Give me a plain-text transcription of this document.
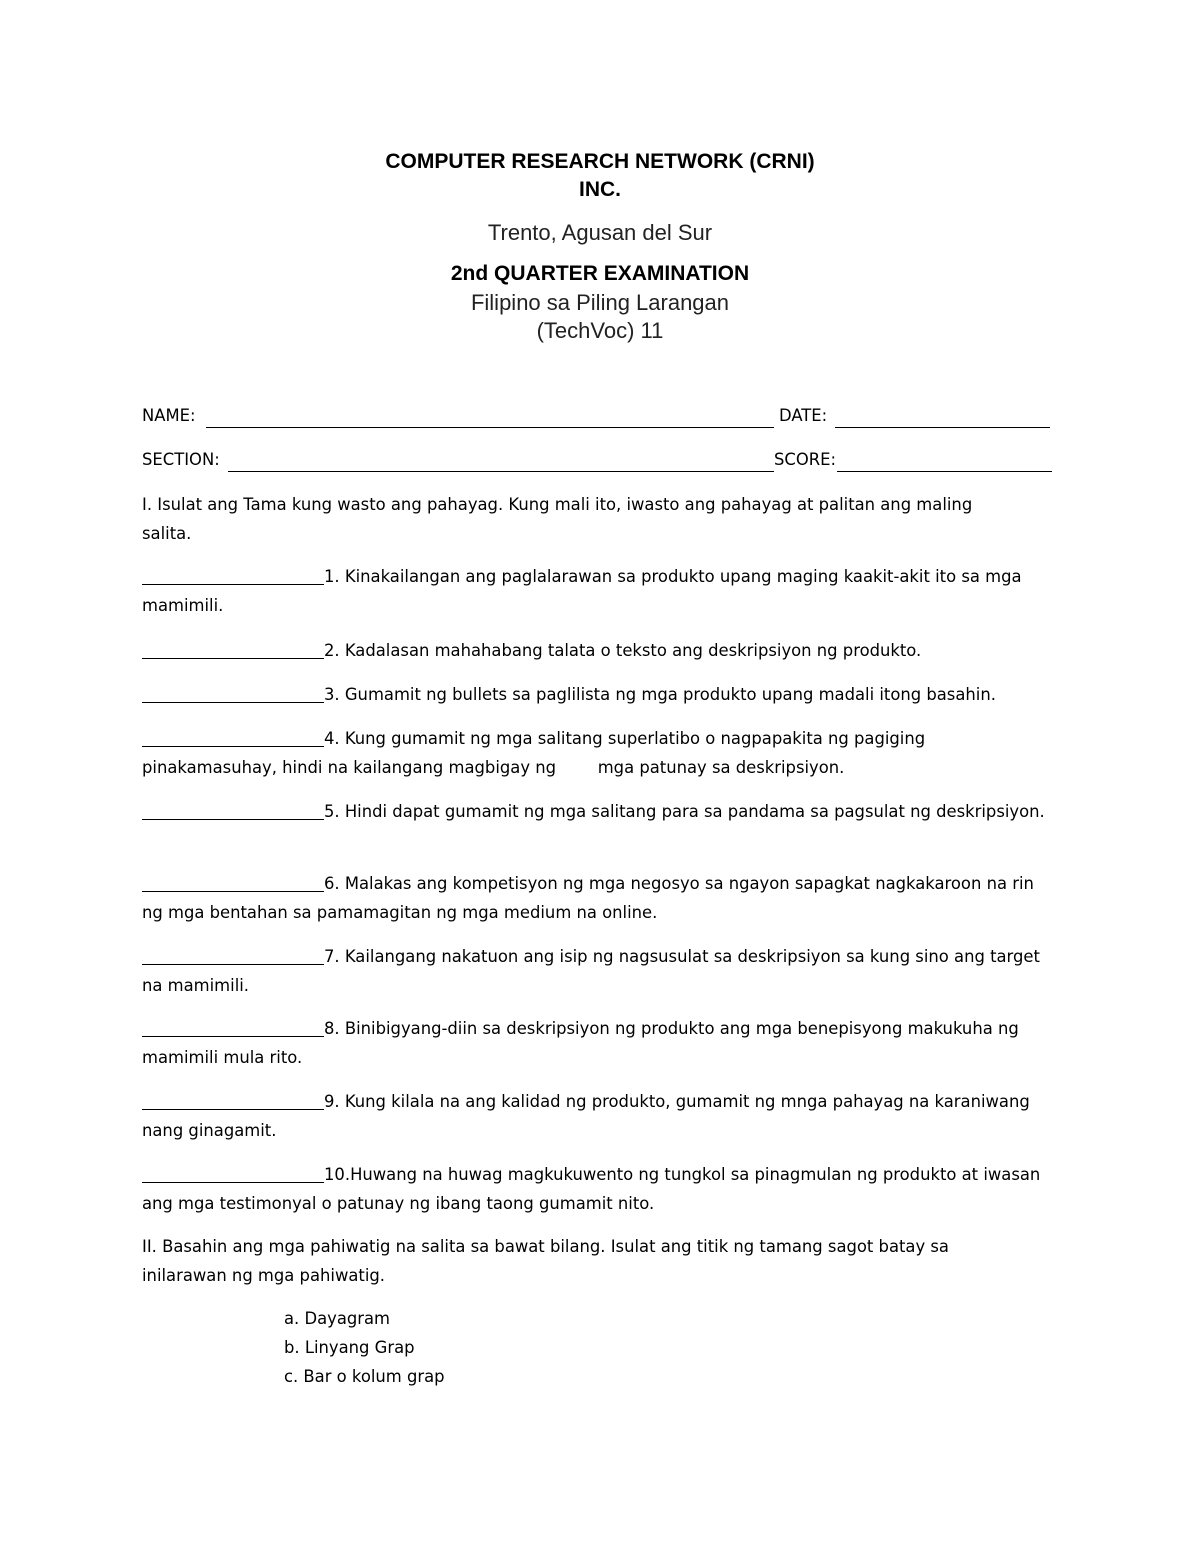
COMPUTER RESEARCH NETWORK (CRNI)
INC.
Trento, Agusan del Sur
2nd QUARTER EXAMINATION
Filipino sa Piling Larangan
(TechVoc) 11
NAME:	DATE:
SECTION:	SCORE:
I. Isulat ang Tama kung wasto ang pahayag. Kung mali ito, iwasto ang pahayag at palitan ang maling salita.
1. Kinakailangan ang paglalarawan sa produkto upang maging kaakit-akit ito sa mga mamimili.
2. Kadalasan mahahabang talata o teksto ang deskripsiyon ng produkto.
3. Gumamit ng bullets sa paglilista ng mga produkto upang madali itong basahin.
4. Kung gumamit ng mga salitang superlatibo o nagpapakita ng pagiging pinakamasuhay, hindi na kailangang magbigay ng        mga patunay sa deskripsiyon.
5. Hindi dapat gumamit ng mga salitang para sa pandama sa pagsulat ng deskripsiyon.
6. Malakas ang kompetisyon ng mga negosyo sa ngayon sapagkat nagkakaroon na rin ng mga bentahan sa pamamagitan ng mga medium na online.
7. Kailangang nakatuon ang isip ng nagsusulat sa deskripsiyon sa kung sino ang target na mamimili.
8. Binibigyang-diin sa deskripsiyon ng produkto ang mga benepisyong makukuha ng mamimili mula rito.
9. Kung kilala na ang kalidad ng produkto, gumamit ng mnga pahayag na karaniwang nang ginagamit.
10.Huwang na huwag magkukuwento ng tungkol sa pinagmulan ng produkto at iwasan ang mga testimonyal o patunay ng ibang taong gumamit nito.
II. Basahin ang mga pahiwatig na salita sa bawat bilang. Isulat ang titik ng tamang sagot batay sa inilarawan ng mga pahiwatig.
a. Dayagram
b. Linyang Grap
c. Bar o kolum grap
